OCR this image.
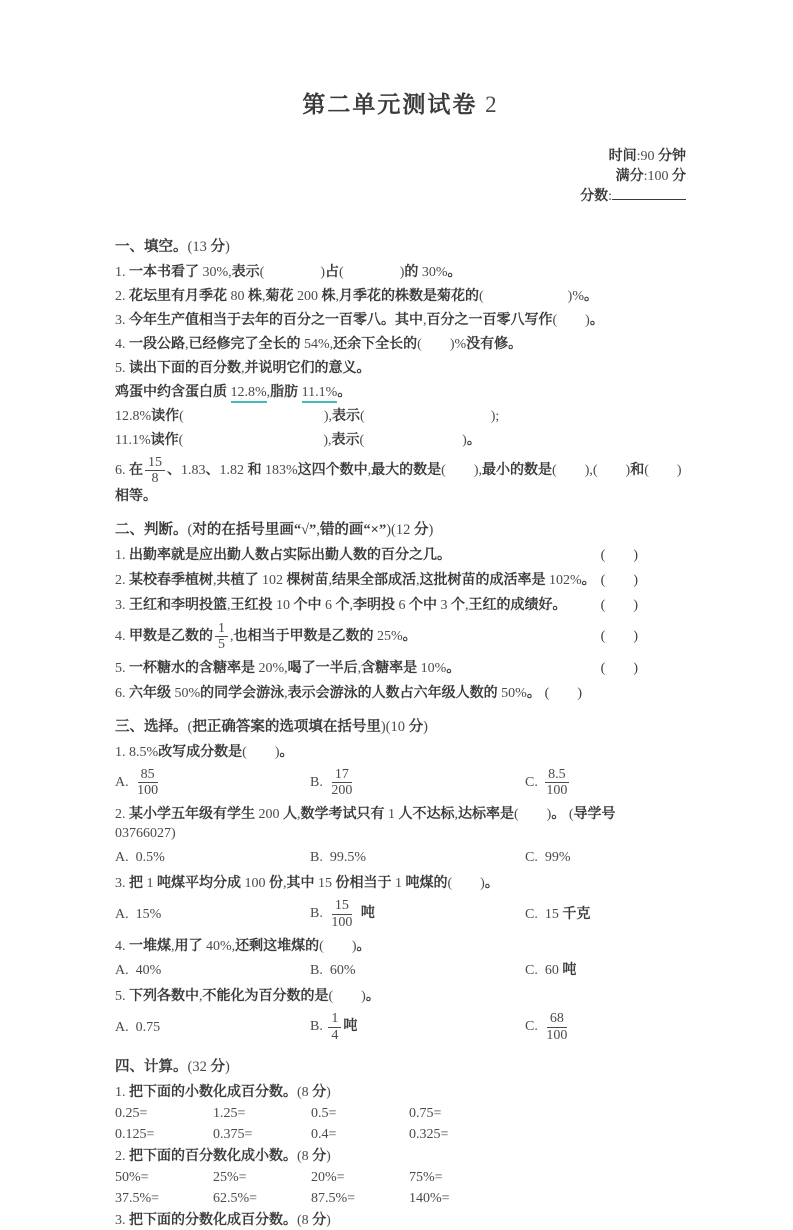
第二单元测试卷 2

时间:90 分钟
满分:100 分
分数:

一、填空。(13 分)
1. 一本书看了 30%,表示(　　　　	)占(　　　　	)的 30%。
2. 花坛里有月季花 80 株,菊花 200 株,月季花的株数是菊花的(　　　　　　	)%。
3. 今年生产值相当于去年的百分之一百零八。其中,百分之一百零八写作(　　 )。
4. 一段公路,已经修完了全长的 54%,还余下全长的(　　 )%没有修。
5. 读出下面的百分数,并说明它们的意义。
鸡蛋中约含蛋白质 12.8%,脂肪 11.1%。
12.8%读作(　　　　　　　　　　	),表示(　　　　　　　　　	);
11.1%读作(　　　　　　　　　　	),表示(　　　　　　　	)。
6. 在 $\frac{15}{8}$ 、1.83、1.82 和 183%这四个数中,最大的数是(　　 ),最小的数是(　　 ),(　　 )和(　　 )相等。
二、判断。(对的在括号里画“√”,错的画“×”)(12 分)
1. 出勤率就是应出勤人数占实际出勤人数的百分之几。	(　　)
2. 某校春季植树,共植了 102 棵树苗,结果全部成活,这批树苗的成活率是 102%。 (　　)
3. 王红和李明投篮,王红投 10 个中 6 个,李明投 6 个中 3 个,王红的成绩好。 (　　)
4. 甲数是乙数的 $\frac{1}{5}$ ,也相当于甲数是乙数的 25%。	(　　)
5. 一杯糖水的含糖率是 20%,喝了一半后,含糖率是 10%。	(　　)
6. 六年级 50%的同学会游泳,表示会游泳的人数占六年级人数的 50%。 (　　)
三、选择。(把正确答案的选项填在括号里)(10 分)
1. 8.5%改写成分数是(　　 )。
A. $\frac{85}{100}$	B. $\frac{17}{200}$	C. $\frac{8.5}{100}$
2. 某小学五年级有学生 200 人,数学考试只有 1 人不达标,达标率是(　　 )。 (导学号　03766027)
A.  0.5%	B.  99.5%	C.  99%
3. 把 1 吨煤平均分成 100 份,其中 15 份相当于 1 吨煤的(　　 )。
A.  15%	B. $\frac{15}{100}$ 吨	C.  15 千克
4. 一堆煤,用了 40%,还剩这堆煤的(　　 )。
A.  40%	B.  60%	C.  60 吨
5. 下列各数中,不能化为百分数的是(　　 )。
A.  0.75	B. $\frac{1}{4}$ 吨	C. $\frac{68}{100}$
四、计算。(32 分)
1. 把下面的小数化成百分数。(8 分)
0.25=	1.25=	0.5=	0.75=
0.125=	0.375=	0.4=	0.325=
2. 把下面的百分数化成小数。(8 分)
50%=	25%=	20%=	75%=
37.5%=	62.5%=	87.5%=	140%=
3. 把下面的分数化成百分数。(8 分)
